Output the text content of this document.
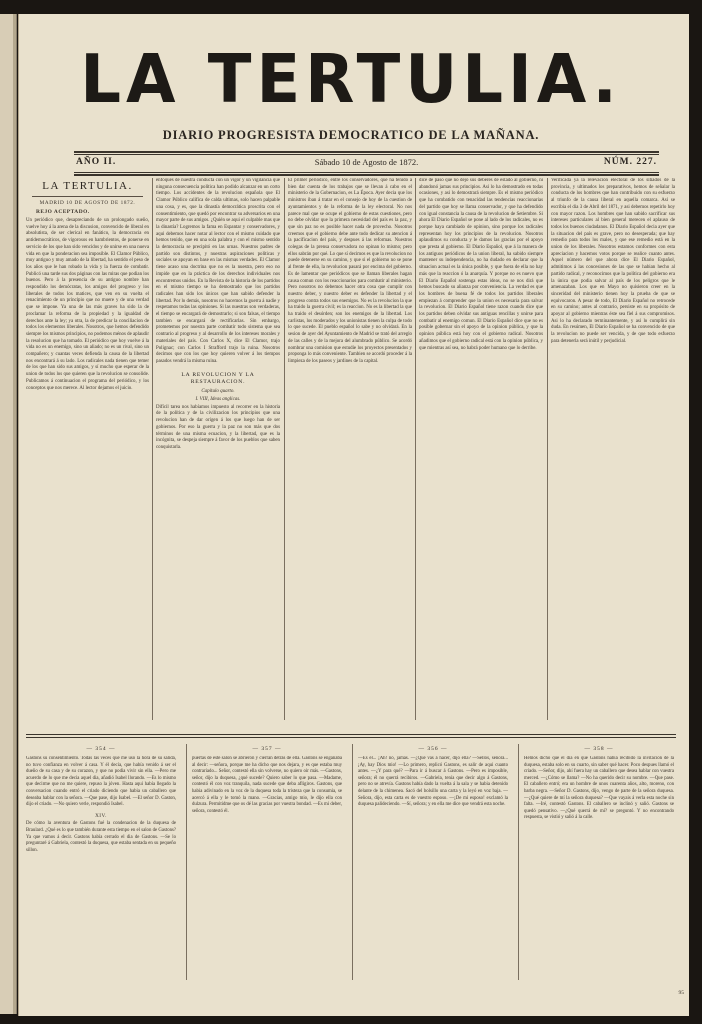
LA TERTULIA.
DIARIO PROGRESISTA DEMOCRATICO DE LA MAÑANA.
AÑO II.	Sábado 10 de Agosto de 1872.	NÚM. 227.
LA TERTULIA.
MADRID 10 DE AGOSTO DE 1872.
REJO ACEPTADO.
Un periódico que, desapreciando de un prolongado sueño, vuelve hoy á la arena de la discusion, convencido de liberal en absolutista, de ser clerical en fanático, la democracia en antidemocráticos, de vigorosos en hambrientos, de ponerse en servicio de los que han sido vencidos y de unirse en una nueva vida en que la ponderacion sea imposible. El Clamor Público, muy antiguo y muy amado de la libertad, ha sentido el peso de los años que le han robado la vida y la fuerza de combatir. Publicó una tarde sus dos páginas con las miras que podian los buenos. Pero á la presencia de su antiguo nombre han respondido los demócratas, los amigos del progreso y los liberales de todos los matices, que ven en su vuelta el renacimiento de un principio que no muere y de una verdad que se impone. Ya una de las más graves ha sido la de proclamar la reforma de la propiedad y la igualdad de derechos ante la ley; ya otra, la de predicar la conciliacion de todos los elementos liberales. Nosotros, que hemos defendido siempre los mismos principios, no podemos ménos de aplaudir la resolucion que ha tomado. El periódico que hoy vuelve á la vida no es un enemigo, sino un aliado; no es un rival, sino un compañero; y cuantas veces defienda la causa de la libertad nos encontrará á su lado. Los radicales nada tienen que temer de los que han sido sus amigos, y sí mucho que esperar de la union de todos los que quieren que la revolucion se consolide. Publicamos á continuacion el programa del periódico, y los conceptos que nos merece. Al lector dejamos el juicio.
enfoques de nuestra conducta con un vigor y un vigilancia que ninguna consecuencia política han podido alcanzar en un corto tiempo. Los accidentes de la revolucion española que El Clamor Público califica de calda ultimas, solo hacen palpable una cosa, y es, que la dinastía democrática proscrita con el consentimiento, que quedó por encontrar su adversarios en una mayor parte de sus amigos. ¿Quién se aqui el culpable mas que la dinastía? Logremos la fama en Espantar y conservadores, y aqui debemos hacer notar al lector con el mismo cuidado que hemos tenido, que en una sola palabra y con el mismo sentido la democracia se precipitó en las urnas. Nuestros padres de partido son distintos, y nuestras aspiraciones políticas y sociales se apoyan en base en las mismas verdades. El Clamor tiene acaso una doctrina que no es la nuestra, pero eso no impide que en la práctica de los derechos individuales nos encontremos unidos. En la Revista de la historia de los partidos en el mismo tiempo se ha demostrado que los partidos radicales han sido los únicos que han sabido defender la libertad. Por lo demás, nosotros no hacemos la guerra á nadie y respetamos todas las opiniones. Si las nuestras son verdaderas, el tiempo se encargará de demostrarlo; si son falsas, el tiempo tambien se encargará de rectificarlas. Sin embargo, prometemos por nuestra parte combatir todo sistema que sea contrario al progreso y al desarrollo de los intereses morales y materiales del país. Con Carlos X, dice El Clamor, trajo Polignac; con Carlos I Strafford trajo la ruina. Nosotros decimos que con los que hoy quieren volver á los tiempos pasados vendrá la misma ruina.
LA REVOLUCION Y LA RESTAURACION.
Capítulo quarto.
I. VIII, Ideas anglicas.
Difícil tarea nos habíamos impuesto al recorrer en la historia de la política y de la civilizacion los principios que una revolucion han de dar origen á los que luego han de ser gobiernos. Por eso la guerra y la paz no son más que dos términos de una misma ecuacion, y la libertad, que es la incógnita, se despeja siempre á favor de los pueblos que saben conquistarla.
El primer periódico, entre los conservadores, que ha tenido á bien dar cuenta de los trabajos que se llevan á cabo en el ministerio de la Gobernacion, es La Época. Ayer decia que los ministros iban á tratar en el consejo de hoy de la cuestion de ayuntamientos y de la reforma de la ley electoral. No nos parece mal que se ocupe el gobierno de estas cuestiones, pero no debe olvidar que la primera necesidad del país es la paz, y que sin paz no es posible hacer nada de provecho. Nosotros creemos que el gobierno debe ante todo dedicar su atencion á la pacificacion del país, y despues á las reformas. Nuestros colegas de la prensa conservadora no opinan lo mismo; pero ellos sabrán por qué. Lo que sí decimos es que la revolucion no puede detenerse en su camino, y que si el gobierno no se pone al frente de ella, la revolucion pasará por encima del gobierno. Es de lamentar que periódicos que se llaman liberales hagan causa comun con los reaccionarios para combatir al ministerio. Pero nosotros no debemos hacer otra cosa que cumplir con nuestro deber, y nuestro deber es defender la libertad y el progreso contra todos sus enemigos. No es la revolucion la que ha traido la guerra civil; es la reaccion. No es la libertad la que ha traido el desórden; son los enemigos de la libertad. Los carlistas, los moderados y los unionistas tienen la culpa de todo lo que sucede. El pueblo español lo sabe y no olvidará. En la sesion de ayer del Ayuntamiento de Madrid se trató del arreglo de las calles y de la mejora del alumbrado público. Se acordó nombrar una comision que estudie los proyectos presentados y proponga lo más conveniente. Tambien se acordó proceder á la limpieza de los paseos y jardines de la capital.
dice de paso que no dejó sus deberes de estado al gobierno, ni abandonó jamas sus principios. Asi lo ha demostrado en todas ocasiones, y asi lo demostrará siempre. Es el mismo periódico que ha combatido con tenacidad las tendencias reaccionarias del partido que hoy se llama conservador, y que ha defendido con igual constancia la causa de la revolucion de Setiembre. Si ahora El Diario Español se pone al lado de los radicales, no es porque haya cambiado de opinion, sino porque los radicales representan hoy los principios de la revolucion. Nosotros aplaudimos su conducta y le damos las gracias por el apoyo que presta al gobierno. El Diario Español, que á la manera de los antiguos periódicos de la union liberal, ha sabido siempre mantener su independencia, no ha dudado en declarar que la situacion actual es la única posible, y que fuera de ella no hay más que la reaccion ó la anarquía. Y porque no es nuevo que El Diario Español sostenga estas ideas, no se nos dirá que hemos buscado su alianza por conveniencia. La verdad es que los hombres de buena fé de todos los partidos liberales empiezan á comprender que la union es necesaria para salvar la revolucion. El Diario Español tiene razon cuando dice que los partidos deben olvidar sus antiguas rencillas y unirse para combatir al enemigo comun. El Diario Español dice que no es posible gobernar sin el apoyo de la opinion pública, y que la opinion pública está hoy con el gobierno radical. Nosotros añadimos que el gobierno radical está con la opinion pública, y que mientras así sea, no habrá poder humano que lo derribe.
Verificada ya la relevacion electoral de los sitiados de la provincia, y ultimados los preparativos, hemos de señalar la conducta de los hombres que han contribuido con su esfuerzo al triunfo de la causa liberal en aquella comarca. Asi se escribia el dia 3 de Abril del 1871, y asi debemos repetirlo hoy con mayor razon. Los hombres que han sabido sacrificar sus intereses particulares al bien general merecen el aplauso de todos los buenos ciudadanos. El Diario Español decia ayer que la situacion del país es grave, pero no desesperada; que hay remedio para todos los males, y que ese remedio está en la union de los liberales. Nosotros estamos conformes con esta apreciacion y hacemos votos porque se realice cuanto antes. Aquel número del que ahora dice El Diario Español, admitimos á las concesiones de las que se habian hecho al partido radical, y reconocimos que la política del gobierno era la única que podia salvar al país de los peligros que le amenazaban. Los que en Mayo no quisieron creer en la sinceridad del ministerio tienen hoy la prueba de que se equivocaron. A pesar de todo, El Diario Español no retrocede en su camino; antes al contrario, persiste en su propósito de apoyar al gobierno mientras éste sea fiel á sus compromisos. Asi lo ha declarado terminantemente, y asi lo cumplirá sin duda. En resúmen, El Diario Español se ha convencido de que la revolucion no puede ser vencida, y de que todo esfuerzo para detenerla será inútil y perjudicial.
— 354 —	— 357 —	— 356 —	— 358 —
Gastons su consentimiento. Todas las veces que me usó la hora de su salida, no tuvo confianza en volver á casa. Y él decía, que había venido á ser el dueño de su casa y de su corazon, y que no podia vivir sin ella. —Pero me acuerdo de lo que me decia aquel dia, añadió Isabel llorando. —Es lo mismo que decirme que no me quiere, repuso la jóven. Hasta aqui había llegado la conversacion cuando entró el criado diciendo que habia un caballero que deseaba hablar con la señora. —Que pase, dijo Isabel. —El señor D. Gaston, dijo el criado. —No quiero verle, respondió Isabel.
XIV.
De cómo la aventura de Gastons fué la condenacion de la duquesa de Braulard. ¿Qué es lo que también durante esta tiempo en el salon de Gastons? Ya que vamos á decir. Gastons había cerrado el dia de Gastons. —Se lo preguntaré á Gabriela, contestó la duquesa, que estaba sentada en su pequeño sillon.
puertas de este salon se abrieron y cierran detrás de ella. Gastons se engañaba al decir: —señora, porque me ha dicho que nos dejara, y es que estaba muy contrariado... Señor, contestó ella sin volverse, no quiero oir más. —Gastons, señor, dijo la duquesa, ¿qué sucede? Quiero saber lo que pasa. —Madame, contestó él con voz tranquila, nada sucede que deba afligiros. Gastons, que habia adivinado en la voz de la duquesa toda la tristeza que la consumia, se acercó á ella y le tomó la mano. —Gracias, amigo mio, le dijo ella con dulzura. Permitidme que os dé las gracias por vuestra bondad. —Es mi deber, señora, contestó él.
—Es él... ¡Ah! no, jamás. —¿Qué vas á hacer, dijo ella? —Sellos, señora... ¡Ay, hay Dios mio! —Lo primero, replicó Gastons, es salir de aqui cuanto antes. —¿Y para qué? —Para ir á buscar á Gastons. —Pero es imposible, señora; él no querrá recibiros. —Gabriela, tenía que decir algo á Gastons, pero no se atrevía. Gastons había dado la vuelta á la sala y se habia detenido delante de la chimenea. Sacó del bolsillo una carta y la leyó en voz baja. —Señora, dijo, esta carta es de vuestro esposo. —¡De mi esposo! exclamó la duquesa palideciendo. —Sí, señora; y en ella me dice que vendrá esta noche.
Hemos dicho que el dia en que Gastons había recibido la invitacion de la duquesa, estaba solo en su cuarto, sin saber qué hacer. Poco despues llamó el criado. —Señor, dijo, ahí fuera hay un caballero que desea hablar con vuestra merced. —¿Cómo se llama? —No ha querido decir su nombre. —Que pase. El caballero entró; era un hombre de unos cuarenta años, alto, moreno, con barba negra. —Señor D. Gastons, dijo, vengo de parte de la señora duquesa. —¿Qué quiere de mí la señora duquesa? —Que vayais á verla esta noche sin falta. —Iré, contestó Gastons. El caballero se inclinó y salió. Gastons se quedó pensativo. —¿Qué querrá de mí? se preguntó. Y no encontrando respuesta, se vistió y salió á la calle.
95
